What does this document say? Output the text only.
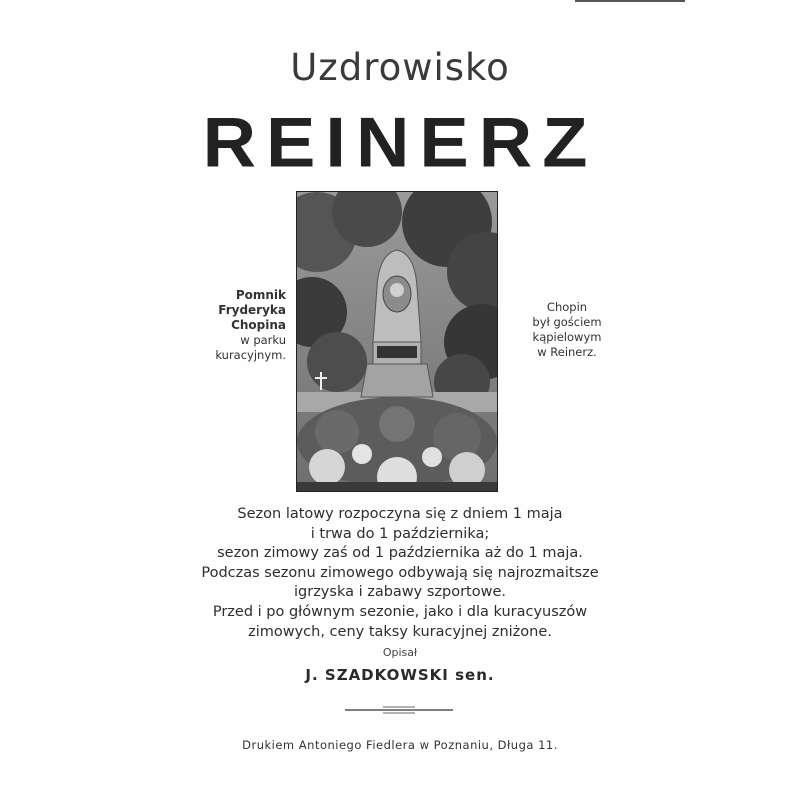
Uzdrowisko
REINERZ
Pomnik
Fryderyka
Chopina
w parku
kuracyjnym.
Chopin
był gościem
kąpielowym
w Reinerz.
Sezon latowy rozpoczyna się z dniem 1 maja
i trwa do 1 października;
sezon zimowy zaś od 1 października aż do 1 maja.
Podczas sezonu zimowego odbywają się najrozmaitsze
igrzyska i zabawy szportowe.
Przed i po głównym sezonie, jako i dla kuracyuszów
zimowych, ceny taksy kuracyjnej zniżone.
Opisał
J. SZADKOWSKI sen.
Drukiem Antoniego Fiedlera w Poznaniu, Długa 11.
